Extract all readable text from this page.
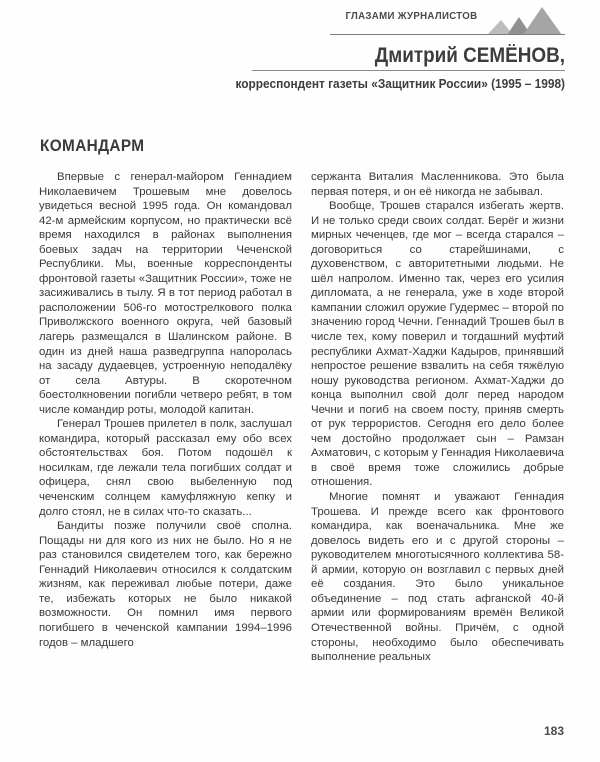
ГЛАЗАМИ ЖУРНАЛИСТОВ
Дмитрий СЕМЁНОВ,
корреспондент газеты «Защитник России» (1995 – 1998)
КОМАНДАРМ

Впервые с генерал-майором Геннадием Николаевичем Трошевым мне довелось увидеться весной 1995 года. Он командовал 42-м армейским корпусом, но практически всё время находился в районах выполнения боевых задач на территории Чеченской Республики. Мы, военные корреспонденты фронтовой газеты «Защитник России», тоже не засиживались в тылу. Я в тот период работал в расположении 506-го мотострелкового полка Приволжского военного округа, чей базовый лагерь размещался в Шалинском районе. В один из дней наша разведгруппа напоролась на засаду дудаевцев, устроенную неподалёку от села Автуры. В скоротечном боестолкновении погибли четверо ребят, в том числе командир роты, молодой капитан.

Генерал Трошев прилетел в полк, заслушал командира, который рассказал ему обо всех обстоятельствах боя. Потом подошёл к носилкам, где лежали тела погибших солдат и офицера, снял свою выбеленную под чеченским солнцем камуфляжную кепку и долго стоял, не в силах что-то сказать...

Бандиты позже получили своё сполна. Пощады ни для кого из них не было. Но я не раз становился свидетелем того, как бережно Геннадий Николаевич относился к солдатским жизням, как переживал любые потери, даже те, избежать которых не было никакой возможности. Он помнил имя первого погибшего в чеченской кампании 1994–1996 годов – младшего

сержанта Виталия Масленникова. Это была первая потеря, и он её никогда не забывал.

Вообще, Трошев старался избегать жертв. И не только среди своих солдат. Берёг и жизни мирных чеченцев, где мог – всегда старался – договориться со старейшинами, с духовенством, с авторитетными людьми. Не шёл напролом. Именно так, через его усилия дипломата, а не генерала, уже в ходе второй кампании сложил оружие Гудермес – второй по значению город Чечни. Геннадий Трошев был в числе тех, кому поверил и тогдашний муфтий республики Ахмат-Хаджи Кадыров, принявший непростое решение взвалить на себя тяжёлую ношу руководства регионом. Ахмат-Хаджи до конца выполнил свой долг перед народом Чечни и погиб на своем посту, приняв смерть от рук террористов. Сегодня его дело более чем достойно продолжает сын – Рамзан Ахматович, с которым у Геннадия Николаевича в своё время тоже сложились добрые отношения.

Многие помнят и уважают Геннадия Трошева. И прежде всего как фронтового командира, как военачальника. Мне же довелось видеть его и с другой стороны – руководителем многотысячного коллектива 58-й армии, которую он возглавил с первых дней её создания. Это было уникальное объединение – под стать афганской 40-й армии или формированиям времён Великой Отечественной войны. Причём, с одной стороны, необходимо было обеспечивать выполнение реальных

183
